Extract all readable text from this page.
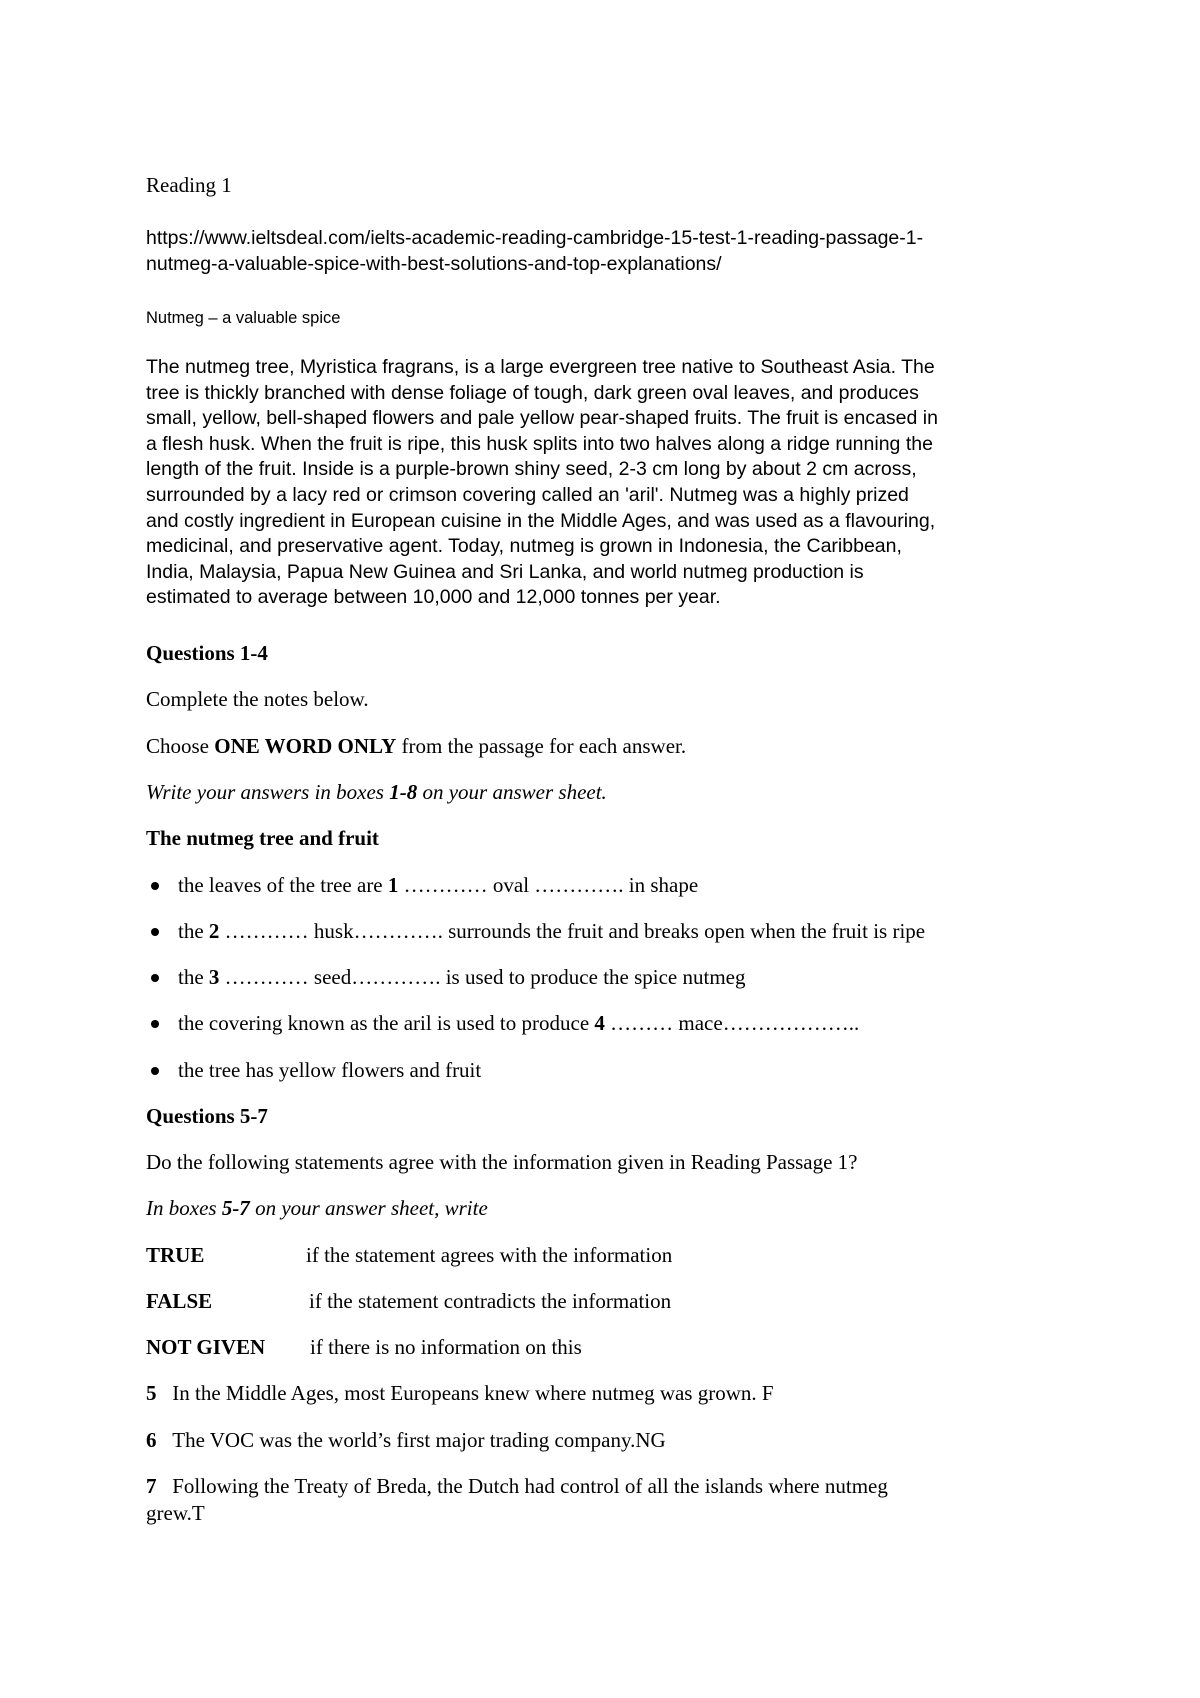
Reading 1

https://www.ieltsdeal.com/ielts-academic-reading-cambridge-15-test-1-reading-passage-1-

nutmeg-a-valuable-spice-with-best-solutions-and-top-explanations/

Nutmeg – a valuable spice

The nutmeg tree, Myristica fragrans, is a large evergreen tree native to Southeast Asia. The

tree is thickly branched with dense foliage of tough, dark green oval leaves, and produces

small, yellow, bell-shaped flowers and pale yellow pear-shaped fruits. The fruit is encased in

a flesh husk. When the fruit is ripe, this husk splits into two halves along a ridge running the

length of the fruit. Inside is a purple-brown shiny seed, 2-3 cm long by about 2 cm across,

surrounded by a lacy red or crimson covering called an 'aril'. Nutmeg was a highly prized

and costly ingredient in European cuisine in the Middle Ages, and was used as a flavouring,

medicinal, and preservative agent. Today, nutmeg is grown in Indonesia, the Caribbean,

India, Malaysia, Papua New Guinea and Sri Lanka, and world nutmeg production is

estimated to average between 10,000 and 12,000 tonnes per year.

Questions 1-4

Complete the notes below.

Choose ONE WORD ONLY from the passage for each answer.

Write your answers in boxes 1-8 on your answer sheet.

The nutmeg tree and fruit

the leaves of the tree are 1 ………… oval …………. in shape
the 2 ………… husk…………. surrounds the fruit and breaks open when the fruit is ripe
the 3 ………… seed…………. is used to produce the spice nutmeg
the covering known as the aril is used to produce 4 ……… mace………………..
the tree has yellow flowers and fruit

Questions 5-7

Do the following statements agree with the information given in Reading Passage 1?

In boxes 5-7 on your answer sheet, write

TRUE	if the statement agrees with the information

FALSE	if the statement contradicts the information

NOT GIVEN if there is no information on this

5 In the Middle Ages, most Europeans knew where nutmeg was grown. F

6 The VOC was the world’s first major trading company.NG

7 Following the Treaty of Breda, the Dutch had control of all the islands where nutmeg

grew.T
